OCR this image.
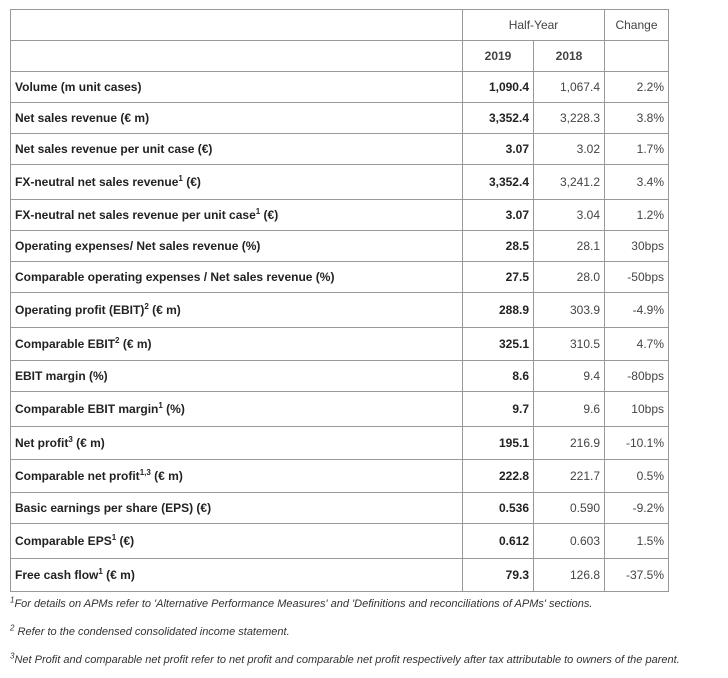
	Half-Year		Change
	2019	2018	
Volume (m unit cases)	1,090.4	1,067.4	2.2%
Net sales revenue (€ m)	3,352.4	3,228.3	3.8%
Net sales revenue per unit case (€)	3.07	3.02	1.7%
FX-neutral net sales revenue$^1$ (€)	3,352.4	3,241.2	3.4%
FX-neutral net sales revenue per unit case$^1$ (€)	3.07	3.04	1.2%
Operating expenses/ Net sales revenue (%)	28.5	28.1	30bps
Comparable operating expenses / Net sales revenue (%)	27.5	28.0	-50bps
Operating profit (EBIT)$^2$ (€ m)	288.9	303.9	-4.9%
Comparable EBIT$^2$ (€ m)	325.1	310.5	4.7%
EBIT margin (%)	8.6	9.4	-80bps
Comparable EBIT margin$^1$ (%)	9.7	9.6	10bps
Net profit$^3$ (€ m)	195.1	216.9	-10.1%
Comparable net profit$^{1,3}$ (€ m)	222.8	221.7	0.5%
Basic earnings per share (EPS) (€)	0.536	0.590	-9.2%
Comparable EPS$^1$ (€)	0.612	0.603	1.5%
Free cash flow$^1$ (€ m)	79.3	126.8	-37.5%
$^1$For details on APMs refer to 'Alternative Performance Measures' and 'Definitions and reconciliations of APMs' sections.
$^2$ Refer to the condensed consolidated income statement.
$^3$Net Profit and comparable net profit refer to net profit and comparable net profit respectively after tax attributable to owners of the parent.
